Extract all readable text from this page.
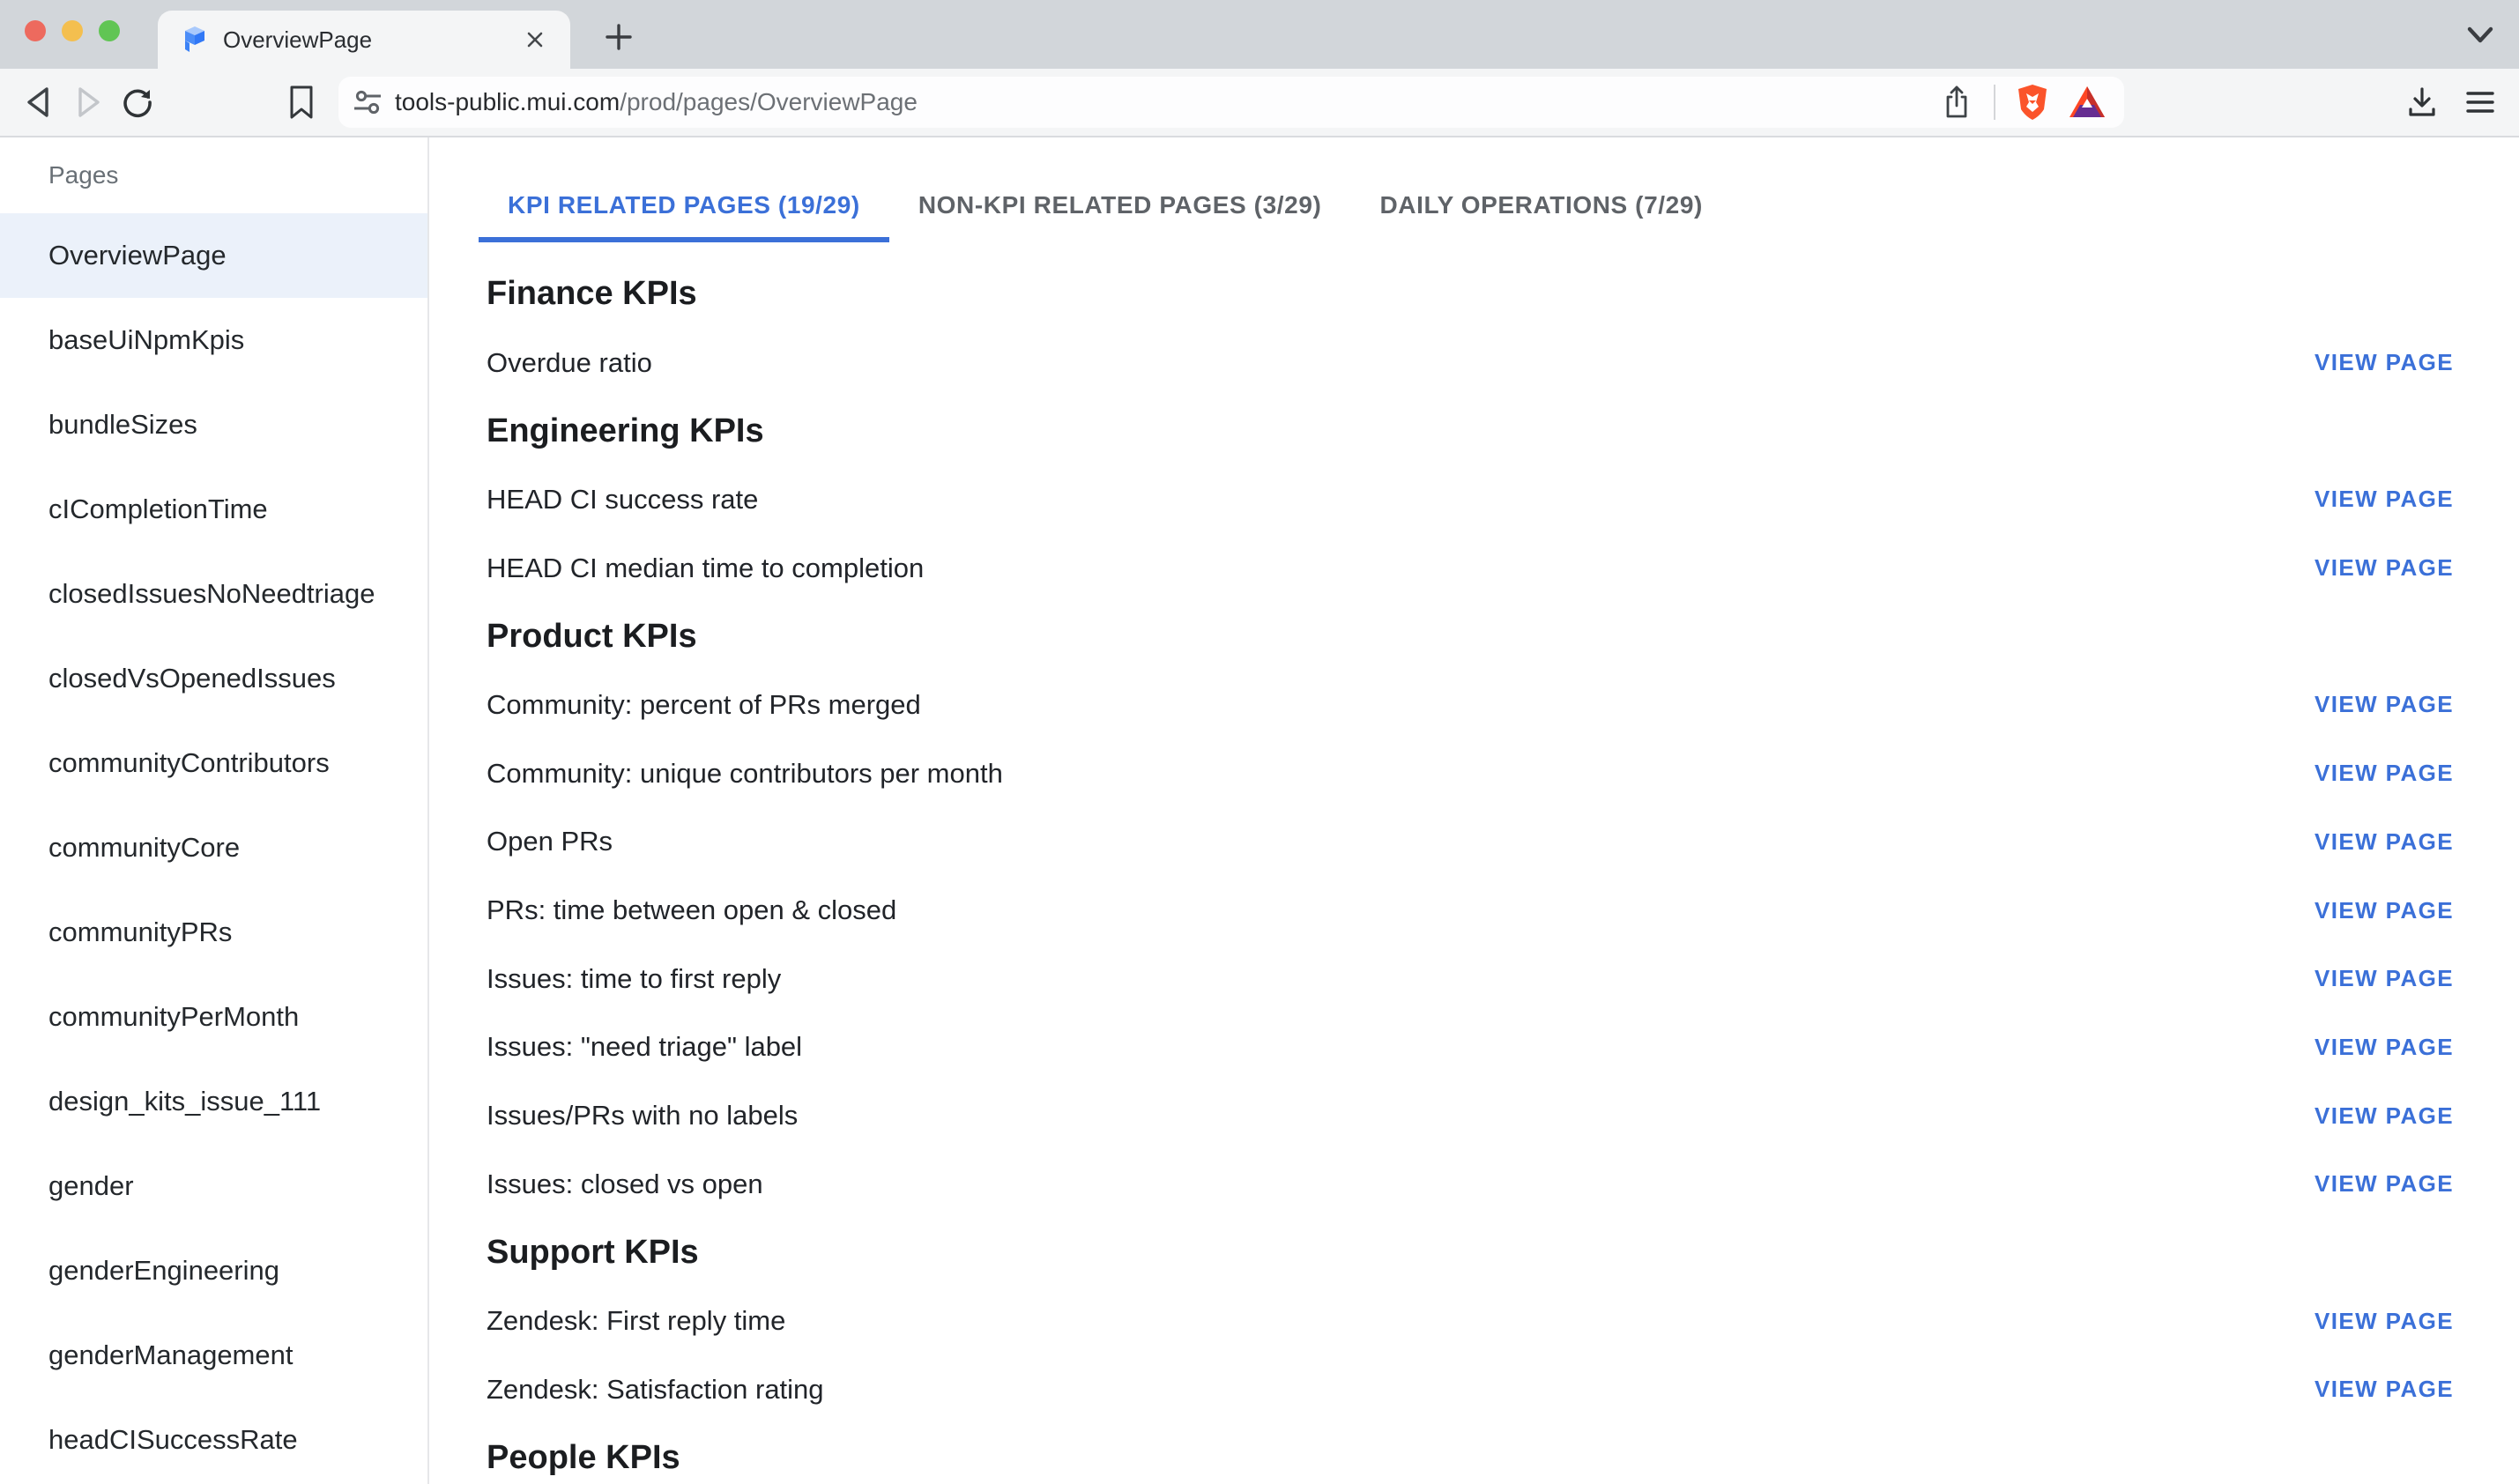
OverviewPage
tools-public.mui.com/prod/pages/OverviewPage
Pages
OverviewPage
baseUiNpmKpis
bundleSizes
cICompletionTime
closedIssuesNoNeedtriage
closedVsOpenedIssues
communityContributors
communityCore
communityPRs
communityPerMonth
design_kits_issue_111
gender
genderEngineering
genderManagement
headCISuccessRate
KPI RELATED PAGES (19/29)	NON-KPI RELATED PAGES (3/29)	DAILY OPERATIONS (7/29)
Finance KPIs
Overdue ratio	VIEW PAGE
Engineering KPIs
HEAD CI success rate	VIEW PAGE
HEAD CI median time to completion	VIEW PAGE
Product KPIs
Community: percent of PRs merged	VIEW PAGE
Community: unique contributors per month	VIEW PAGE
Open PRs	VIEW PAGE
PRs: time between open & closed	VIEW PAGE
Issues: time to first reply	VIEW PAGE
Issues: "need triage" label	VIEW PAGE
Issues/PRs with no labels	VIEW PAGE
Issues: closed vs open	VIEW PAGE
Support KPIs
Zendesk: First reply time	VIEW PAGE
Zendesk: Satisfaction rating	VIEW PAGE
People KPIs
